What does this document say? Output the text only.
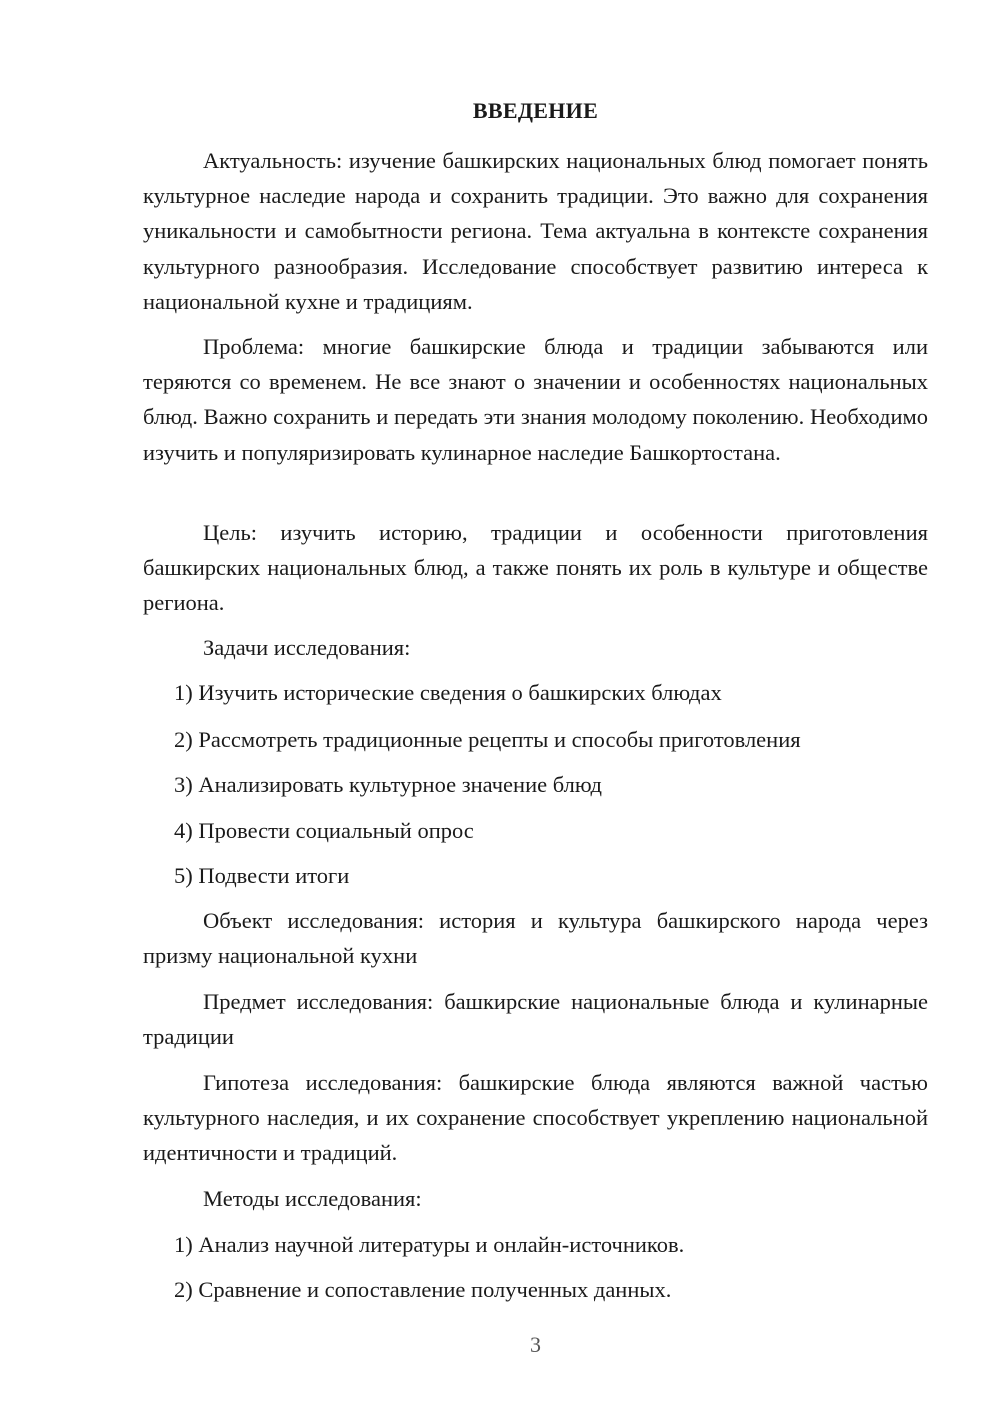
ВВЕДЕНИЕ

Актуальность: изучение башкирских национальных блюд помогает понять культурное наследие народа и сохранить традиции. Это важно для сохранения уникальности и самобытности региона. Тема актуальна в контексте сохранения культурного разнообразия. Исследование способствует развитию интереса к национальной кухне и традициям.

Проблема: многие башкирские блюда и традиции забываются или теряются со временем. Не все знают о значении и особенностях национальных блюд. Важно сохранить и передать эти знания молодому поколению. Необходимо изучить и популяризировать кулинарное наследие Башкортостана.

Цель: изучить историю, традиции и особенности приготовления башкирских национальных блюд, а также понять их роль в культуре и обществе региона.

Задачи исследования:

1) Изучить исторические сведения о башкирских блюдах

2) Рассмотреть традиционные рецепты и способы приготовления

3) Анализировать культурное значение блюд

4) Провести социальный опрос

5) Подвести итоги

Объект исследования: история и культура башкирского народа через призму национальной кухни

Предмет исследования: башкирские национальные блюда и кулинарные традиции

Гипотеза исследования: башкирские блюда являются важной частью культурного наследия, и их сохранение способствует укреплению национальной идентичности и традиций.

Методы исследования:

1) Анализ научной литературы и онлайн-источников.

2) Сравнение и сопоставление полученных данных.

3
